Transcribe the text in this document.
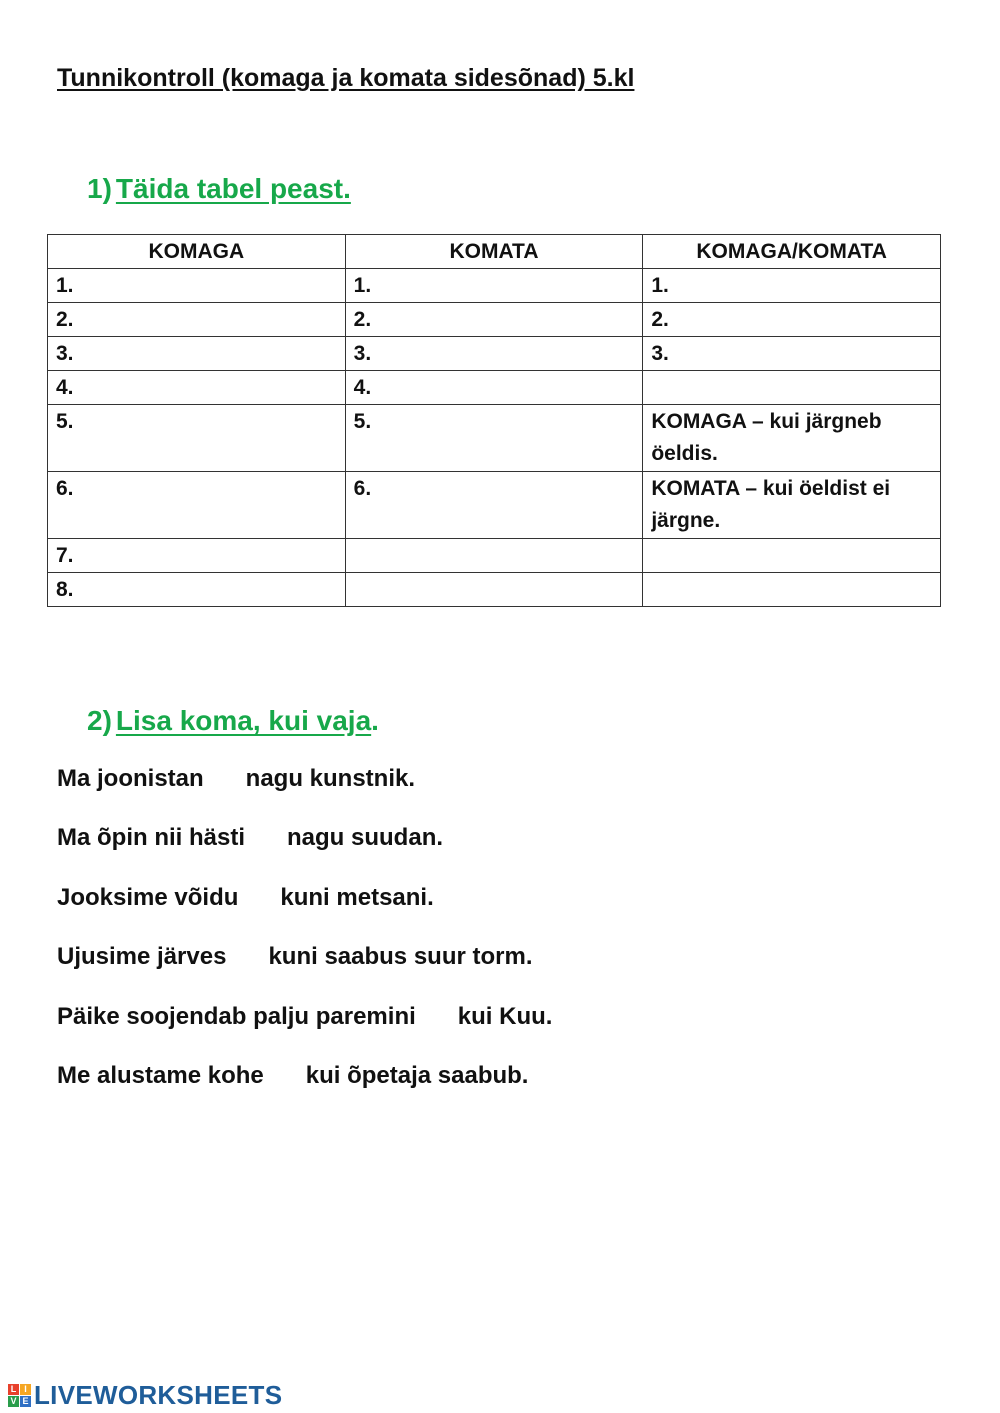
Tunnikontroll (komaga ja komata sidesõnad) 5.kl
1) Täida tabel peast.
KOMAGA	KOMATA	KOMAGA/KOMATA
1.	1.	1.
2.	2.	2.
3.	3.	3.
4.	4.	
5.	5.	KOMAGA – kui järgneb öeldis.
6.	6.	KOMATA – kui öeldist ei järgne.
7.		
8.		
2) Lisa koma, kui vaja.
Ma joonistan nagu kunstnik.
Ma õpin nii hästi nagu suudan.
Jooksime võidu kuni metsani.
Ujusime järves kuni saabus suur torm.
Päike soojendab palju paremini kui Kuu.
Me alustame kohe kui õpetaja saabub.
L I
V E LIVEWORKSHEETS
